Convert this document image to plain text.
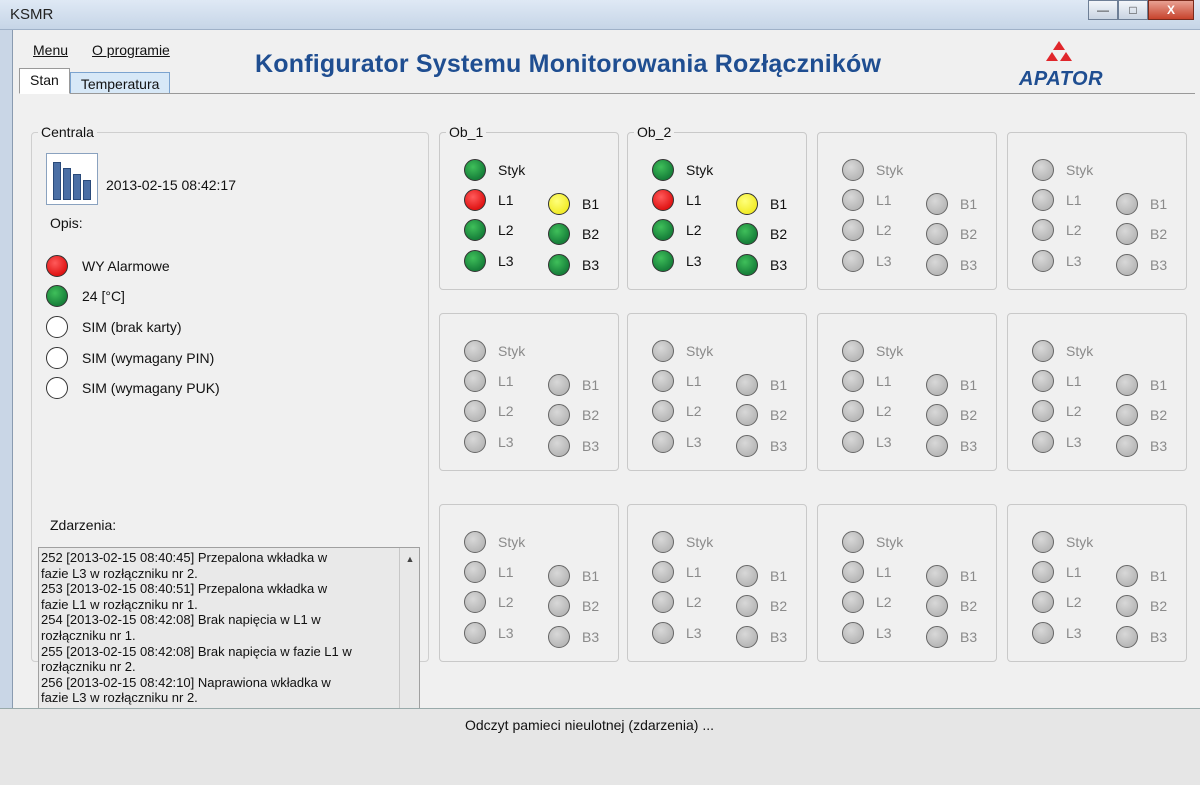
KSMR	—	□	X
Menu O programie	Konfigurator Systemu Monitorowania Rozłączników
APATOR
Stan	Temperatura
Centrala
2013-02-15 08:42:17
Opis:
WY Alarmowe
24 [°C]
SIM (brak karty)
SIM (wymagany PIN)
SIM (wymagany PUK)
Zdarzenia:
252 [2013-02-15 08:40:45] Przepalona wkładka w
fazie L3 w rozłączniku nr 2.
253 [2013-02-15 08:40:51] Przepalona wkładka w
fazie L1 w rozłączniku nr 1.
254 [2013-02-15 08:42:08] Brak napięcia w L1 w
rozłączniku nr 1.
255 [2013-02-15 08:42:08] Brak napięcia w fazie L1 w
rozłączniku nr 2.
256 [2013-02-15 08:42:10] Naprawiona wkładka w
fazie L3 w rozłączniku nr 2.
▲
Ob_1
Styk
L1
L2
L3
B1
B2
B3
Ob_2
Styk
L1
L2
L3
B1
B2
B3
Styk
L1
L2
L3
B1
B2
B3
Styk
L1
L2
L3
B1
B2
B3
Styk
L1
L2
L3
B1
B2
B3
Styk
L1
L2
L3
B1
B2
B3
Styk
L1
L2
L3
B1
B2
B3
Styk
L1
L2
L3
B1
B2
B3
Styk
L1
L2
L3
B1
B2
B3
Styk
L1
L2
L3
B1
B2
B3
Styk
L1
L2
L3
B1
B2
B3
Styk
L1
L2
L3
B1
B2
B3
Odczyt pamieci nieulotnej (zdarzenia) ...
